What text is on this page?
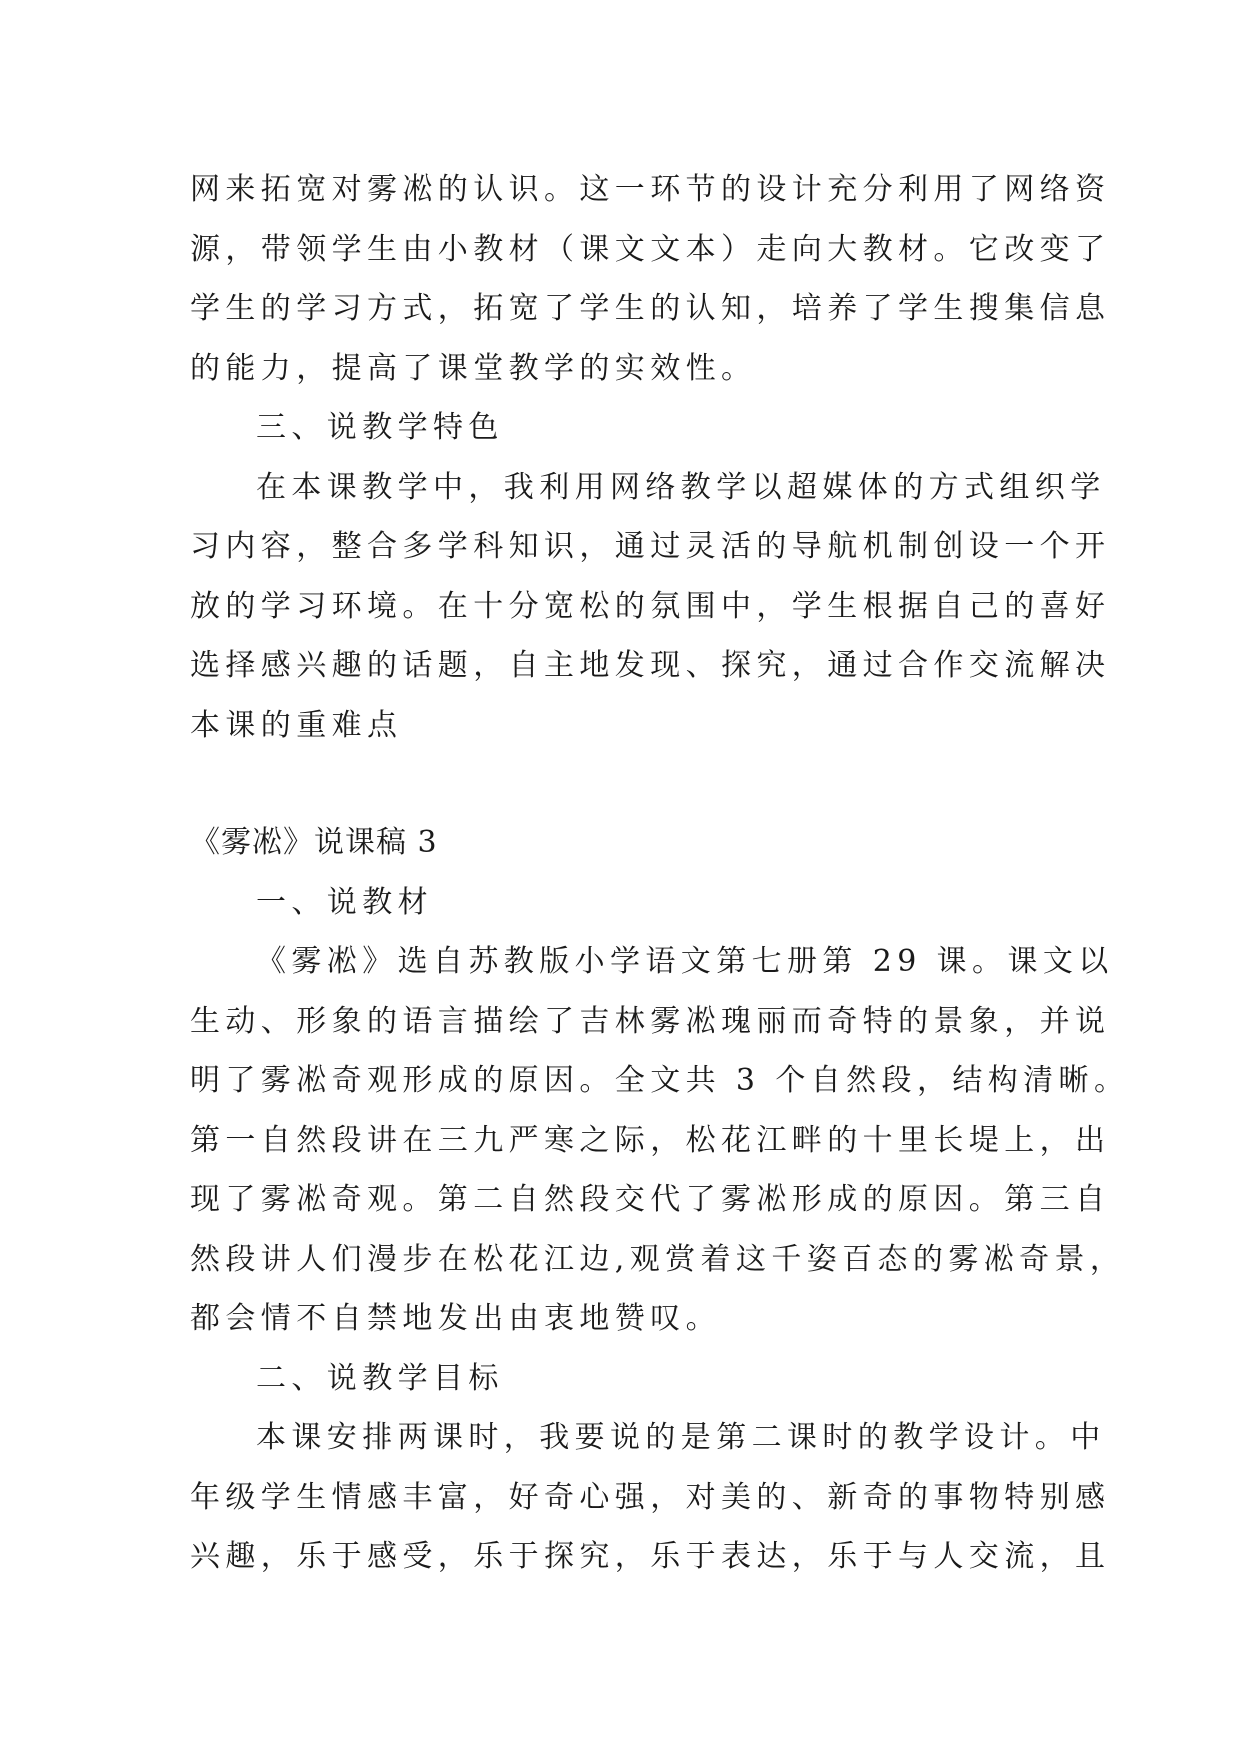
网来拓宽对雾凇的认识。这一环节的设计充分利用了网络资
源，带领学生由小教材（课文文本）走向大教材。它改变了
学生的学习方式，拓宽了学生的认知，培养了学生搜集信息
的能力，提高了课堂教学的实效性。
三、说教学特色
在本课教学中，我利用网络教学以超媒体的方式组织学
习内容，整合多学科知识，通过灵活的导航机制创设一个开
放的学习环境。在十分宽松的氛围中，学生根据自己的喜好
选择感兴趣的话题，自主地发现、探究，通过合作交流解决
本课的重难点
《雾凇》说课稿 3
一、说教材
《雾凇》选自苏教版小学语文第七册第 29 课。课文以
生动、形象的语言描绘了吉林雾凇瑰丽而奇特的景象，并说
明了雾凇奇观形成的原因。全文共 3 个自然段，结构清晰。
第一自然段讲在三九严寒之际，松花江畔的十里长堤上，出
现了雾凇奇观。第二自然段交代了雾凇形成的原因。第三自
然段讲人们漫步在松花江边,观赏着这千姿百态的雾凇奇景，
都会情不自禁地发出由衷地赞叹。
二、说教学目标
本课安排两课时，我要说的是第二课时的教学设计。中
年级学生情感丰富，好奇心强，对美的、新奇的事物特别感
兴趣，乐于感受，乐于探究，乐于表达，乐于与人交流，且
